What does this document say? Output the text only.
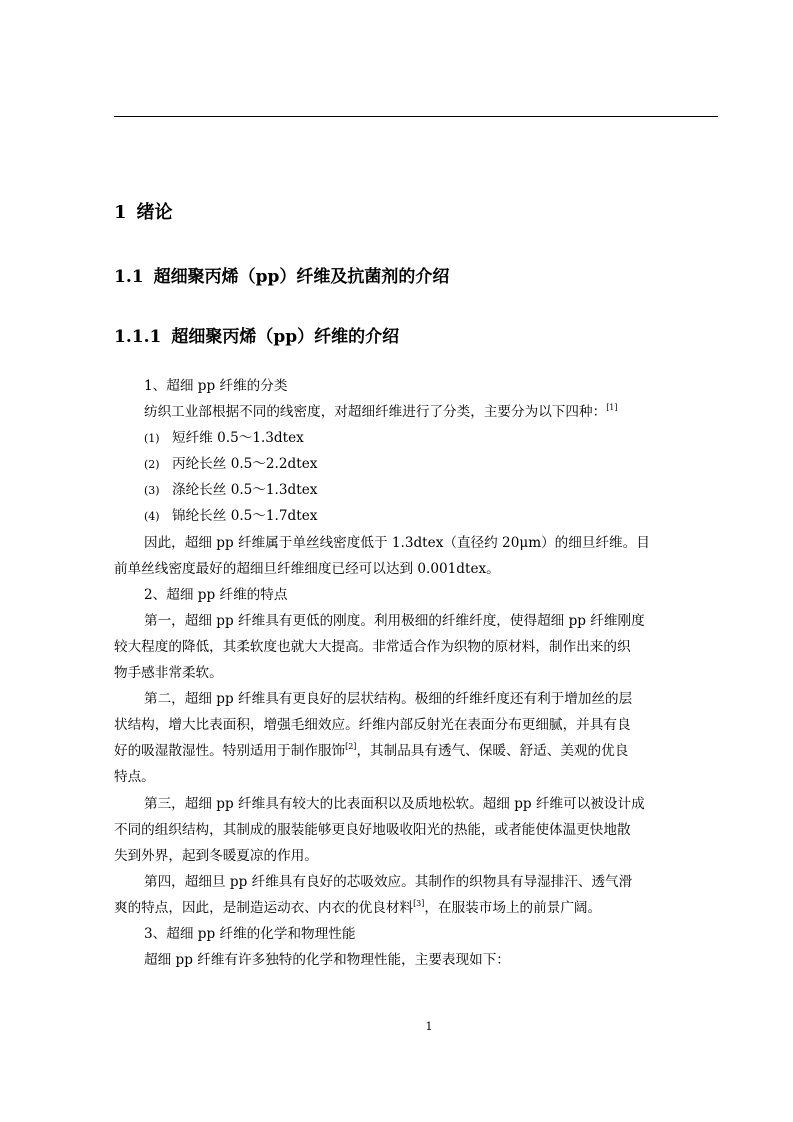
1 绪论
1.1 超细聚丙烯（pp）纤维及抗菌剂的介绍
1.1.1 超细聚丙烯（pp）纤维的介绍
1、超细 pp 纤维的分类
纺织工业部根据不同的线密度，对超细纤维进行了分类，主要分为以下四种：[1]
(1) 短纤维 0.5～1.3dtex
(2) 丙纶长丝 0.5～2.2dtex
(3) 涤纶长丝 0.5～1.3dtex
(4) 锦纶长丝 0.5～1.7dtex
因此，超细 pp 纤维属于单丝线密度低于 1.3dtex（直径约 20μm）的细旦纤维。目
前单丝线密度最好的超细旦纤维细度已经可以达到 0.001dtex。
2、超细 pp 纤维的特点
第一，超细 pp 纤维具有更低的刚度。利用极细的纤维纤度，使得超细 pp 纤维刚度
较大程度的降低，其柔软度也就大大提高。非常适合作为织物的原材料，制作出来的织
物手感非常柔软。
第二，超细 pp 纤维具有更良好的层状结构。极细的纤维纤度还有利于增加丝的层
状结构，增大比表面积，增强毛细效应。纤维内部反射光在表面分布更细腻，并具有良
好的吸湿散湿性。特别适用于制作服饰[2]，其制品具有透气、保暖、舒适、美观的优良
特点。
第三，超细 pp 纤维具有较大的比表面积以及质地松软。超细 pp 纤维可以被设计成
不同的组织结构，其制成的服装能够更良好地吸收阳光的热能，或者能使体温更快地散
失到外界，起到冬暖夏凉的作用。
第四，超细旦 pp 纤维具有良好的芯吸效应。其制作的织物具有导湿排汗、透气滑
爽的特点，因此，是制造运动衣、内衣的优良材料[3]，在服装市场上的前景广阔。
3、超细 pp 纤维的化学和物理性能
超细 pp 纤维有许多独特的化学和物理性能，主要表现如下：
1
